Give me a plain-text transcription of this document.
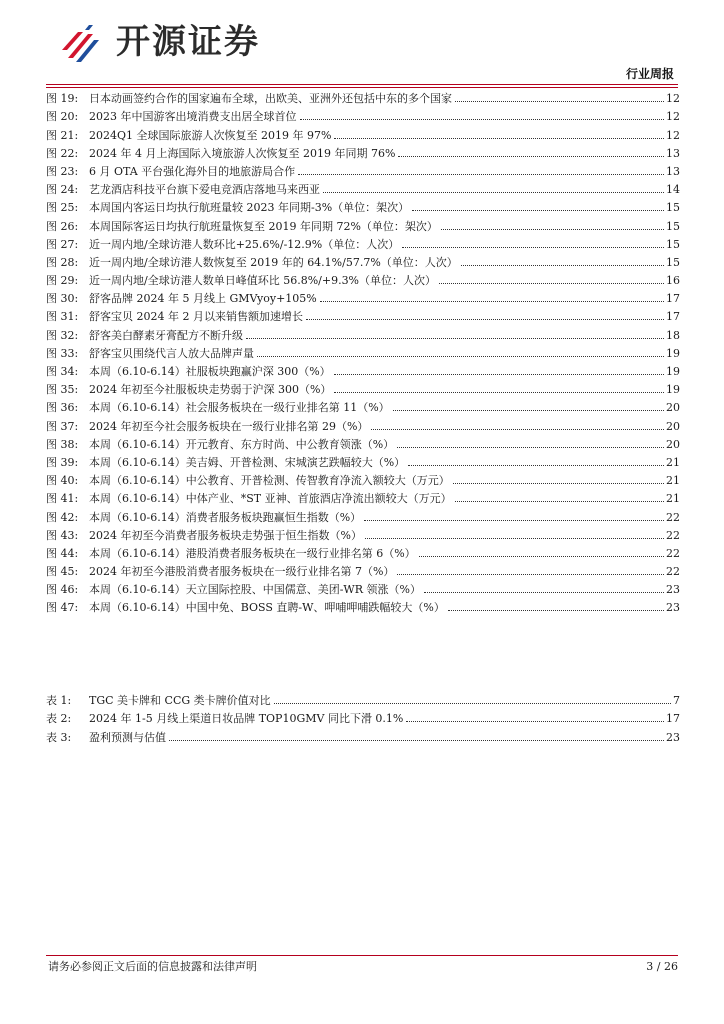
开源证券
行业周报
图 19: 日本动画签约合作的国家遍布全球，出欧美、亚洲外还包括中东的多个国家	12
图 20: 2023 年中国游客出境消费支出居全球首位	12
图 21: 2024Q1 全球国际旅游人次恢复至 2019 年 97%	12
图 22: 2024 年 4 月上海国际入境旅游人次恢复至 2019 年同期 76%	13
图 23: 6 月 OTA 平台强化海外目的地旅游局合作	13
图 24: 艺龙酒店科技平台旗下爱电竞酒店落地马来西亚	14
图 25: 本周国内客运日均执行航班量较 2023 年同期-3%（单位：架次）	15
图 26: 本周国际客运日均执行航班量恢复至 2019 年同期 72%（单位：架次）	15
图 27: 近一周内地/全球访港人数环比+25.6%/-12.9%（单位：人次）	15
图 28: 近一周内地/全球访港人数恢复至 2019 年的 64.1%/57.7%（单位：人次）	15
图 29: 近一周内地/全球访港人数单日峰值环比 56.8%/+9.3%（单位：人次）	16
图 30: 舒客品牌 2024 年 5 月线上 GMVyoy+105%	17
图 31: 舒客宝贝 2024 年 2 月以来销售额加速增长	17
图 32: 舒客美白酵素牙膏配方不断升级	18
图 33: 舒客宝贝围绕代言人放大品牌声量	19
图 34: 本周（6.10-6.14）社服板块跑赢沪深 300（%）	19
图 35: 2024 年初至今社服板块走势弱于沪深 300（%）	19
图 36: 本周（6.10-6.14）社会服务板块在一级行业排名第 11（%）	20
图 37: 2024 年初至今社会服务板块在一级行业排名第 29（%）	20
图 38: 本周（6.10-6.14）开元教育、东方时尚、中公教育领涨（%）	20
图 39: 本周（6.10-6.14）美吉姆、开普检测、宋城演艺跌幅较大（%）	21
图 40: 本周（6.10-6.14）中公教育、开普检测、传智教育净流入额较大（万元）	21
图 41: 本周（6.10-6.14）中体产业、*ST 亚神、首旅酒店净流出额较大（万元）	21
图 42: 本周（6.10-6.14）消费者服务板块跑赢恒生指数（%）	22
图 43: 2024 年初至今消费者服务板块走势强于恒生指数（%）	22
图 44: 本周（6.10-6.14）港股消费者服务板块在一级行业排名第 6（%）	22
图 45: 2024 年初至今港股消费者服务板块在一级行业排名第 7（%）	22
图 46: 本周（6.10-6.14）天立国际控股、中国儒意、美团-WR 领涨（%）	23
图 47: 本周（6.10-6.14）中国中免、BOSS 直聘-W、呷哺呷哺跌幅较大（%）	23
表 1:	TGC 美卡牌和 CCG 类卡牌价值对比	7
表 2:	2024 年 1-5 月线上渠道日妆品牌 TOP10GMV 同比下滑 0.1%	17
表 3:	盈利预测与估值	23
请务必参阅正文后面的信息披露和法律声明	3 / 26
